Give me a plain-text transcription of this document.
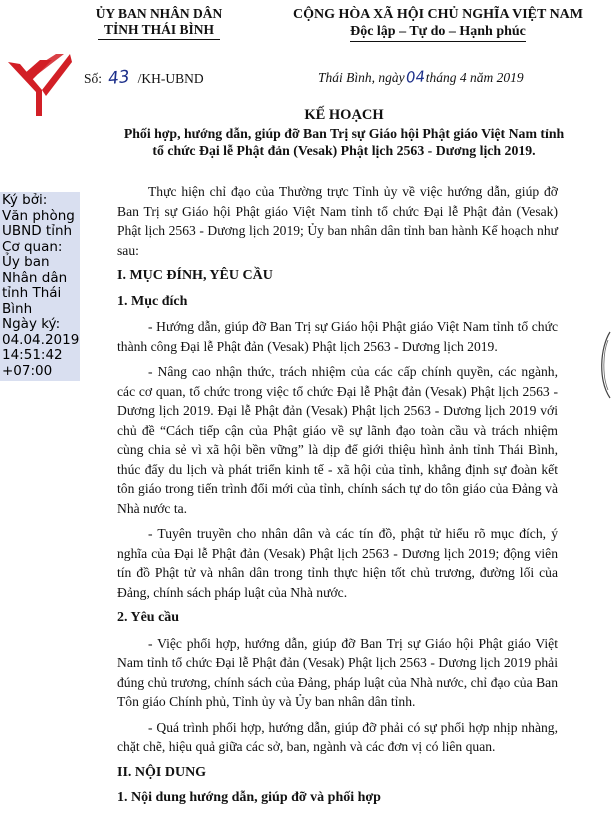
ỦY BAN NHÂN DÂN
TỈNH THÁI BÌNH
CỘNG HÒA XÃ HỘI CHỦ NGHĨA VIỆT NAM
Độc lập – Tự do – Hạnh phúc
Số: 43 /KH-UBND	Thái Bình, ngày04tháng 4 năm 2019
KẾ HOẠCH
Phối hợp, hướng dẫn, giúp đỡ Ban Trị sự Giáo hội Phật giáo Việt Nam tỉnh
tổ chức Đại lễ Phật đản (Vesak) Phật lịch 2563 - Dương lịch 2019.
Ký bởi:
Văn phòng
UBND tỉnh
Cơ quan:
Ủy ban
Nhân dân
tỉnh Thái
Bình
Ngày ký:
04.04.2019
14:51:42
+07:00

Thực hiện chỉ đạo của Thường trực Tỉnh ủy về việc hướng dẫn, giúp đỡ Ban Trị sự Giáo hội Phật giáo Việt Nam tỉnh tổ chức Đại lễ Phật đản (Vesak) Phật lịch 2563 - Dương lịch 2019; Ủy ban nhân dân tỉnh ban hành Kế hoạch như sau:

I. MỤC ĐÍNH, YÊU CẦU
1. Mục đích

- Hướng dẫn, giúp đỡ Ban Trị sự Giáo hội Phật giáo Việt Nam tỉnh tổ chức thành công Đại lễ Phật đản (Vesak) Phật lịch 2563 - Dương lịch 2019.

- Nâng cao nhận thức, trách nhiệm của các cấp chính quyền, các ngành, các cơ quan, tổ chức trong việc tổ chức Đại lễ Phật đản (Vesak) Phật lịch 2563 - Dương lịch 2019. Đại lễ Phật đản (Vesak) Phật lịch 2563 - Dương lịch 2019 với chủ đề “Cách tiếp cận của Phật giáo về sự lãnh đạo toàn cầu và trách nhiệm cùng chia sẻ vì xã hội bền vững” là dịp để giới thiệu hình ảnh tỉnh Thái Bình, thúc đẩy du lịch và phát triển kinh tế - xã hội của tỉnh, khẳng định sự đoàn kết tôn giáo trong tiến trình đổi mới của tỉnh, chính sách tự do tôn giáo của Đảng và Nhà nước ta.

- Tuyên truyền cho nhân dân và các tín đồ, phật tử hiểu rõ mục đích, ý nghĩa của Đại lễ Phật đản (Vesak) Phật lịch 2563 - Dương lịch 2019; động viên tín đồ Phật tử và nhân dân trong tỉnh thực hiện tốt chủ trương, đường lối của Đảng, chính sách pháp luật của Nhà nước.

2. Yêu cầu

- Việc phối hợp, hướng dẫn, giúp đỡ Ban Trị sự Giáo hội Phật giáo Việt Nam tỉnh tổ chức Đại lễ Phật đản (Vesak) Phật lịch 2563 - Dương lịch 2019 phải đúng chủ trương, chính sách của Đảng, pháp luật của Nhà nước, chỉ đạo của Ban Tôn giáo Chính phủ, Tỉnh ủy và Ủy ban nhân dân tỉnh.

- Quá trình phối hợp, hướng dẫn, giúp đỡ phải có sự phối hợp nhịp nhàng, chặt chẽ, hiệu quả giữa các sở, ban, ngành và các đơn vị có liên quan.

II. NỘI DUNG
1. Nội dung hướng dẫn, giúp đỡ và phối hợp
